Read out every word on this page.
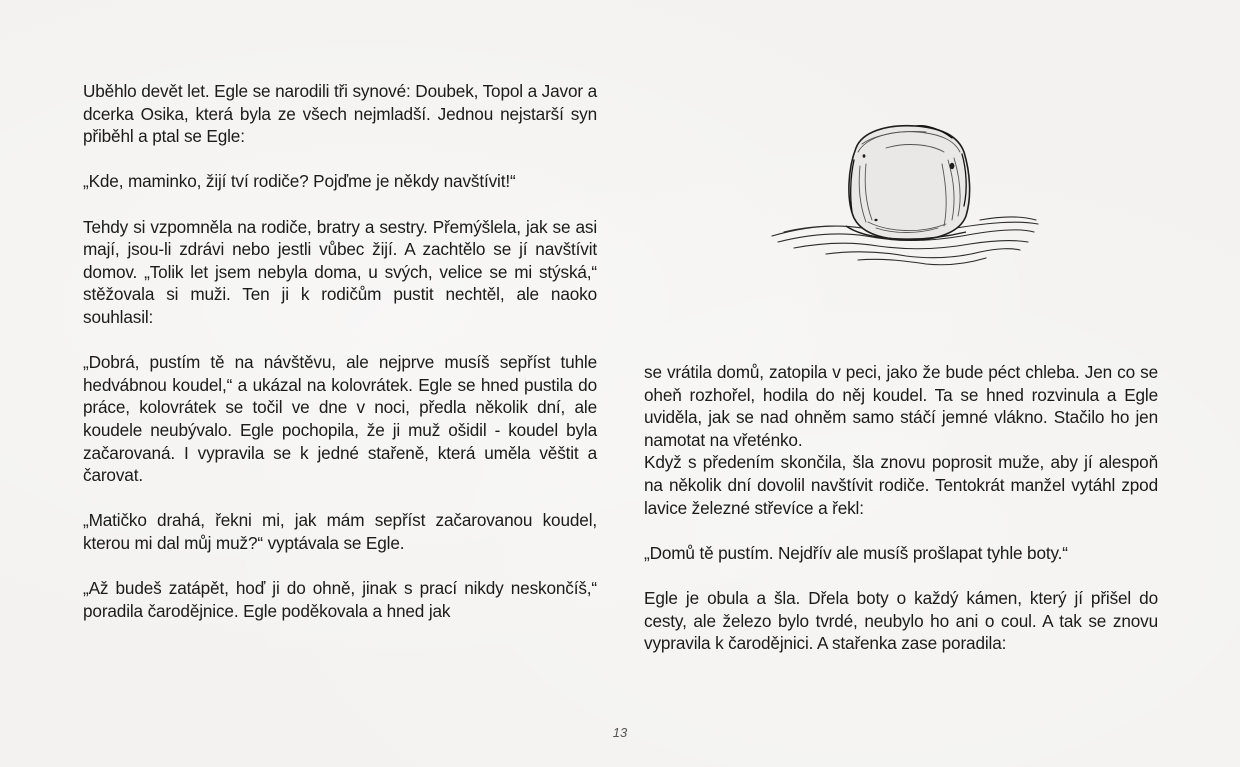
Uběhlo devět let. Egle se narodili tři synové: Doubek, Topol a Javor a dcerka Osika, která byla ze všech nejmladší. Jednou nejstarší syn přiběhl a ptal se Egle:

„Kde, maminko, žijí tví rodiče? Pojďme je někdy navštívit!“

Tehdy si vzpomněla na rodiče, bratry a sestry. Přemýšlela, jak se asi mají, jsou-li zdrávi nebo jestli vůbec žijí. A zachtělo se jí navštívit domov. „Tolik let jsem nebyla doma, u svých, velice se mi stýská,“ stěžovala si muži. Ten ji k rodičům pustit nechtěl, ale naoko souhlasil:

„Dobrá, pustím tě na návštěvu, ale nejprve musíš sepříst tuhle hedvábnou koudel,“ a ukázal na kolovrátek. Egle se hned pustila do práce, kolovrátek se točil ve dne v noci, předla několik dní, ale koudele neubývalo. Egle pochopila, že ji muž ošidil - koudel byla začarovaná. I vypravila se k jedné stařeně, která uměla věštit a čarovat.

„Matičko drahá, řekni mi, jak mám sepříst začarovanou koudel, kterou mi dal můj muž?“ vyptávala se Egle.

„Až budeš zatápět, hoď ji do ohně, jinak s prací nikdy neskončíš,“ poradila čarodějnice. Egle poděkovala a hned jak

se vrátila domů, zatopila v peci, jako že bude péct chleba. Jen co se oheň rozhořel, hodila do něj koudel. Ta se hned rozvinula a Egle uviděla, jak se nad ohněm samo stáčí jemné vlákno. Stačilo ho jen namotat na vřeténko.

Když s předením skončila, šla znovu poprosit muže, aby jí alespoň na několik dní dovolil navštívit rodiče. Tentokrát manžel vytáhl zpod lavice železné střevíce a řekl:

„Domů tě pustím. Nejdřív ale musíš prošlapat tyhle boty.“

Egle je obula a šla. Dřela boty o každý kámen, který jí přišel do cesty, ale železo bylo tvrdé, neubylo ho ani o coul. A tak se znovu vypravila k čarodějnici. A stařenka zase poradila:

13
